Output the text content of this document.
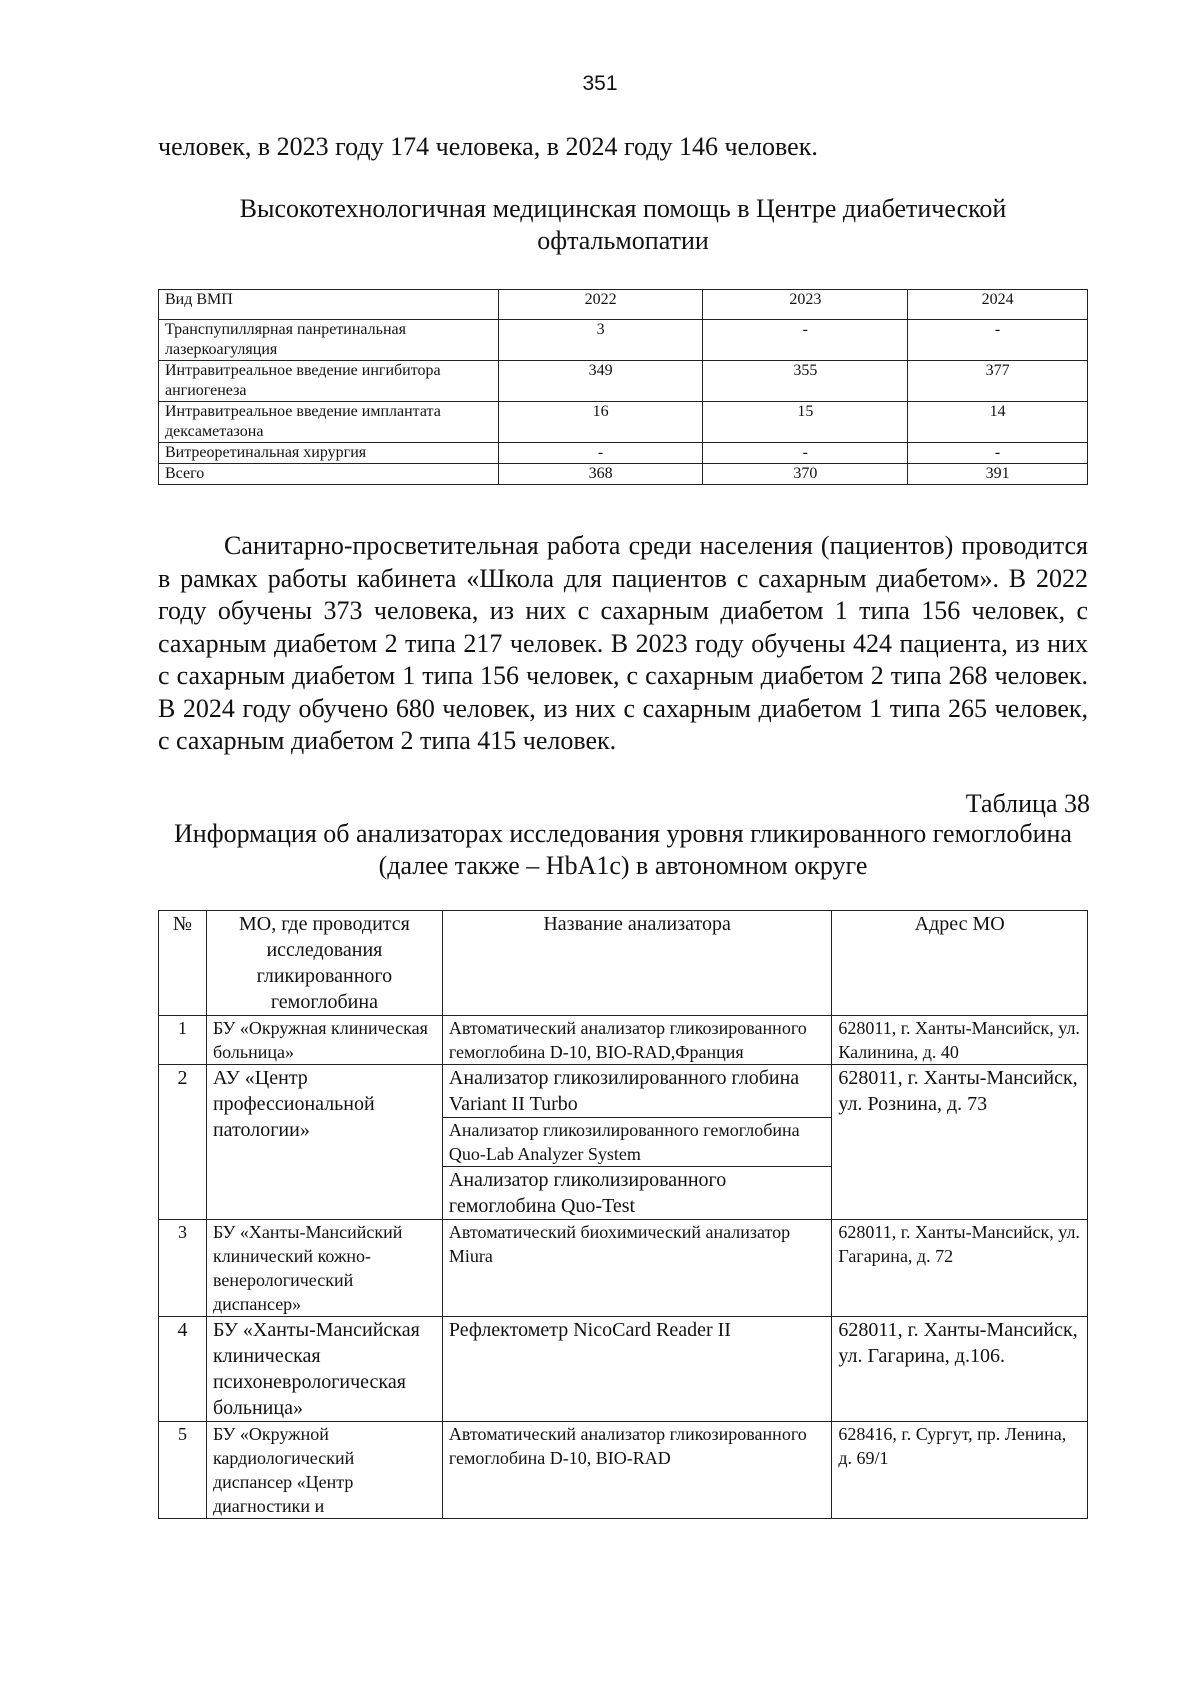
351
человек, в 2023 году 174 человека, в 2024 году 146 человек.
Высокотехнологичная медицинская помощь в Центре диабетической офтальмопатии
Вид ВМП	2022	2023	2024
Транспупиллярная панретинальная лазеркоагуляция	3	-	-
Интравитреальное введение ингибитора ангиогенеза	349	355	377
Интравитреальное введение имплантата дексаметазона	16	15	14
Витреоретинальная хирургия	-	-	-
Всего	368	370	391
Санитарно-просветительная работа среди населения (пациентов) проводится в рамках работы кабинета «Школа для пациентов с сахарным диабетом». В 2022 году обучены 373 человека, из них с сахарным диабетом 1 типа 156 человек, с сахарным диабетом 2 типа 217 человек. В 2023 году обучены 424 пациента, из них с сахарным диабетом 1 типа 156 человек, с сахарным диабетом 2 типа 268 человек. В 2024 году обучено 680 человек, из них с сахарным диабетом 1 типа 265 человек, с сахарным диабетом 2 типа 415 человек.
Таблица 38
Информация об анализаторах исследования уровня гликированного гемоглобина (далее также – HbA1c) в автономном округе
№	МО, где проводится исследования гликированного гемоглобина	Название анализатора	Адрес МО
1	БУ «Окружная клиническая больница»	Автоматический анализатор гликозированного гемоглобина D-10, BIO-RAD,Франция	628011, г. Ханты-Мансийск, ул. Калинина, д. 40
2	АУ «Центр профессиональной патологии»	Анализатор гликозилированного глобина Variant II Turbo	628011, г. Ханты-Мансийск, ул. Рознина, д. 73
		Анализатор гликозилированного гемоглобина Quo-Lab Analyzer System	
		Анализатор гликолизированного гемоглобина Quo-Test	
3	БУ «Ханты-Мансийский клинический кожно-венерологический диспансер»	Автоматический биохимический анализатор Miura	628011, г. Ханты-Мансийск, ул. Гагарина, д. 72
4	БУ «Ханты-Мансийская клиническая психоневрологическая больница»	Рефлектометр NicoCard Reader II	628011, г. Ханты-Мансийск, ул. Гагарина, д.106.
5	БУ «Окружной кардиологический диспансер «Центр диагностики и	Автоматический анализатор гликозированного гемоглобина D-10, BIO-RAD	628416, г. Сургут, пр. Ленина, д. 69/1
